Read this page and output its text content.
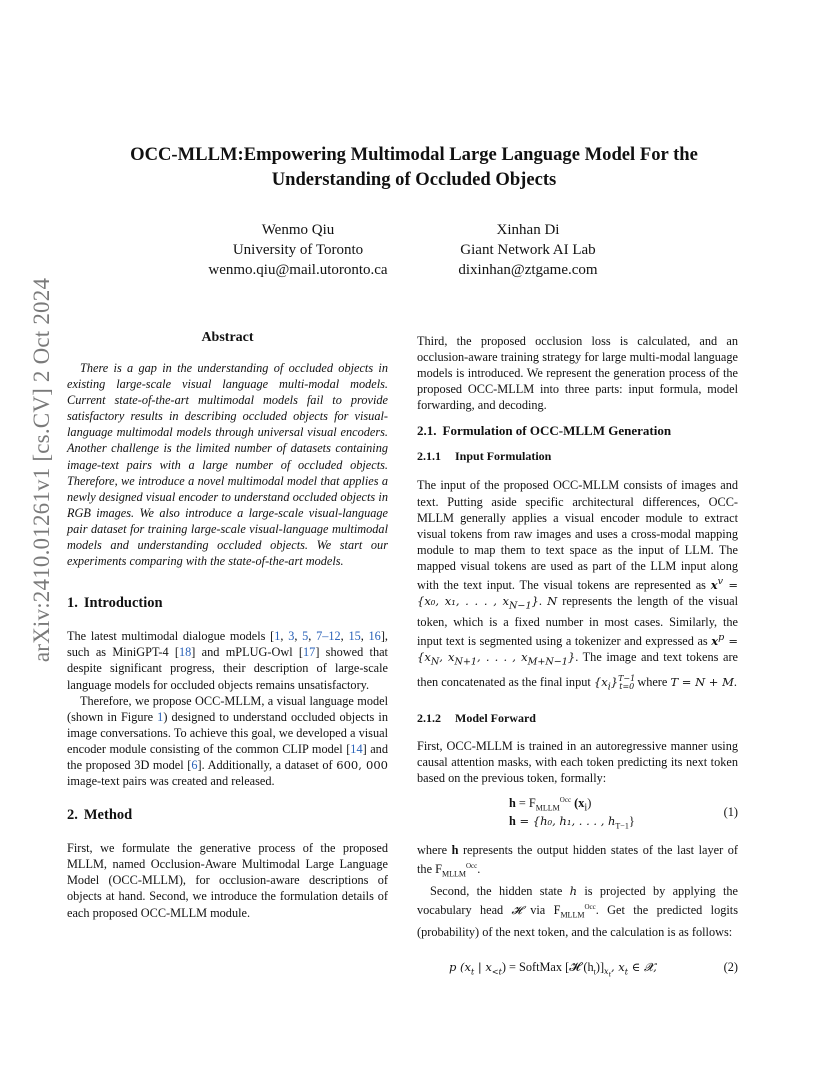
arXiv:2410.01261v1 [cs.CV] 2 Oct 2024
OCC-MLLM:Empowering Multimodal Large Language Model For the Understanding of Occluded Objects
Wenmo Qiu
University of Toronto
wenmo.qiu@mail.utoronto.ca
Xinhan Di
Giant Network AI Lab
dixinhan@ztgame.com
Abstract

There is a gap in the understanding of occluded objects in existing large-scale visual language multi-modal models. Current state-of-the-art multimodal models fail to provide satisfactory results in describing occluded objects for visual-language multimodal models through universal visual encoders. Another challenge is the limited number of datasets containing image-text pairs with a large number of occluded objects. Therefore, we introduce a novel multimodal model that applies a newly designed visual encoder to understand occluded objects in RGB images. We also introduce a large-scale visual-language pair dataset for training large-scale visual-language multimodal models and understanding occluded objects. We start our experiments comparing with the state-of-the-art models.

1. Introduction

The latest multimodal dialogue models [1, 3, 5, 7–12, 15, 16], such as MiniGPT-4 [18] and mPLUG-Owl [17] showed that despite significant progress, their description of large-scale language models for occluded objects remains unsatisfactory.

Therefore, we propose OCC-MLLM, a visual language model (shown in Figure 1) designed to understand occluded objects in image conversations. To achieve this goal, we developed a visual encoder module consisting of the common CLIP model [14] and the proposed 3D model [6]. Additionally, a dataset of 600, 000 image-text pairs was created and released.

2. Method

First, we formulate the generative process of the proposed MLLM, named Occlusion-Aware Multimodal Large Language Model (OCC-MLLM), for occlusion-aware descriptions of objects at hand. Second, we introduce the formulation details of each proposed OCC-MLLM module.

Third, the proposed occlusion loss is calculated, and an occlusion-aware training strategy for large multi-modal language models is introduced. We represent the generation process of the proposed OCC-MLLM into three parts: input formula, model forwarding, and decoding.

2.1. Formulation of OCC-MLLM Generation
2.1.1 Input Formulation

The input of the proposed OCC-MLLM consists of images and text. Putting aside specific architectural differences, OCC-MLLM generally applies a visual encoder module to extract visual tokens from raw images and uses a cross-modal mapping module to map them to text space as the input of LLM. The mapped visual tokens are used as part of the LLM input along with the text input. The visual tokens are represented as $x^v = \{x_0$, x₁, . . . , $x_{N-1}$}. N represents the length of the visual token, which is a fixed number in most cases. Similarly, the input text is segmented using a tokenizer and expressed as $x^p = \{x_N$, $x_{N+1}$, . . . , $x_{M+N-1}$}. The image and text tokens are then concatenated as the final input $\{x_i\}^{T-1}_{t=0}$ where T = N + M.

2.1.2 Model Forward

First, OCC-MLLM is trained in an autoregressive manner using causal attention masks, with each token predicting its next token based on the previous token, formally:

$h = F_{MLLM}^{Occ}$ $(x_i)$
h = {h₀, h₁, . . . , $h_{T-1}$}
(1)

where h represents the output hidden states of the last layer of the $F_{MLLM}^{Occ}$.

Second, the hidden state h is projected by applying the vocabulary head 𝓗 via $F_{MLLM}^{Occ}$. Get the predicted logits (probability) of the next token, and the calculation is as follows:

p ($x_t$ | $x_{<t}$) = SoftMax [𝓗 $(h_t)]_{x_t}$, $x_t$ ∈ 𝓧,	(2)
